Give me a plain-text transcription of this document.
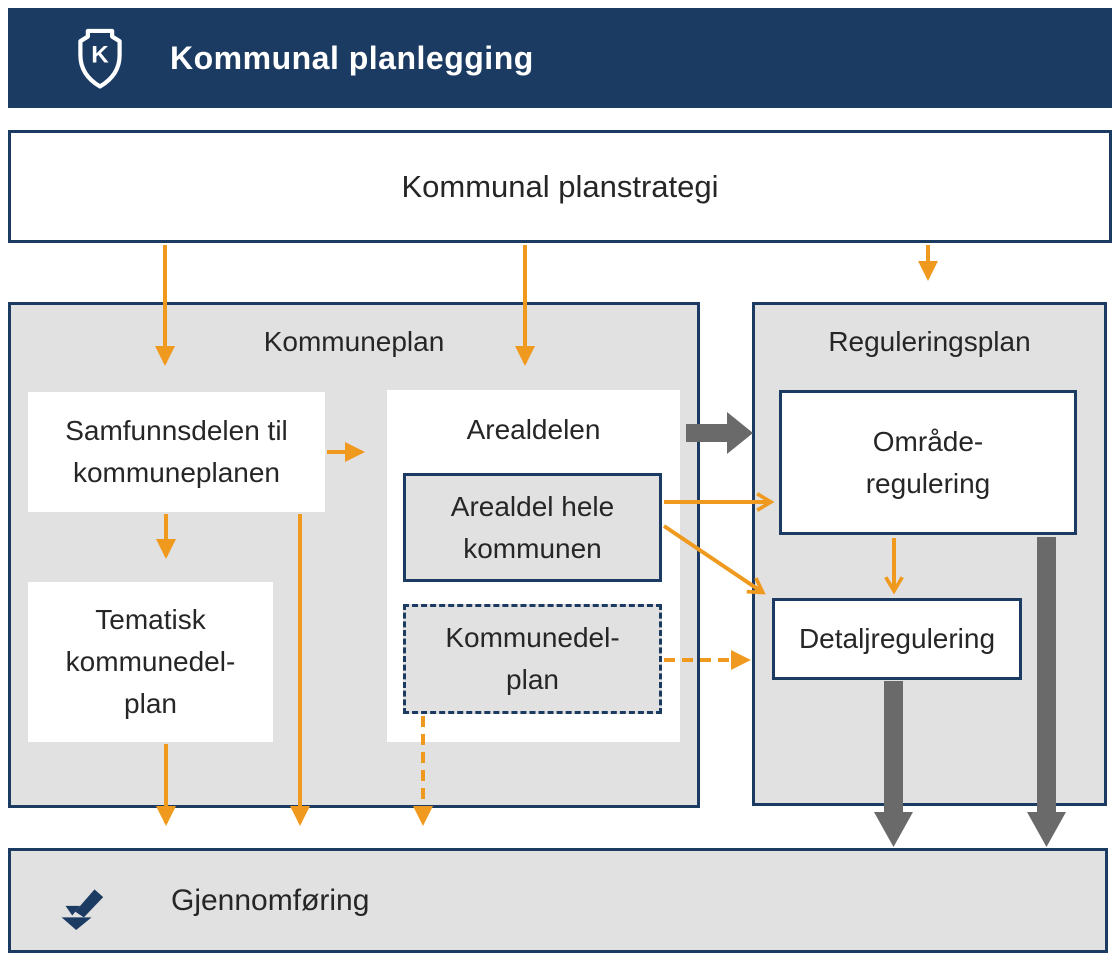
K Kommunal planlegging
Kommunal planstrategi
Kommuneplan	Reguleringsplan
Samfunnsdelen til
kommuneplanen
Arealdelen
Arealdel hele
kommunen
Kommunedel-
plan
Tematisk
kommunedel-
plan
Område-
regulering
Detaljregulering
Gjennomføring
